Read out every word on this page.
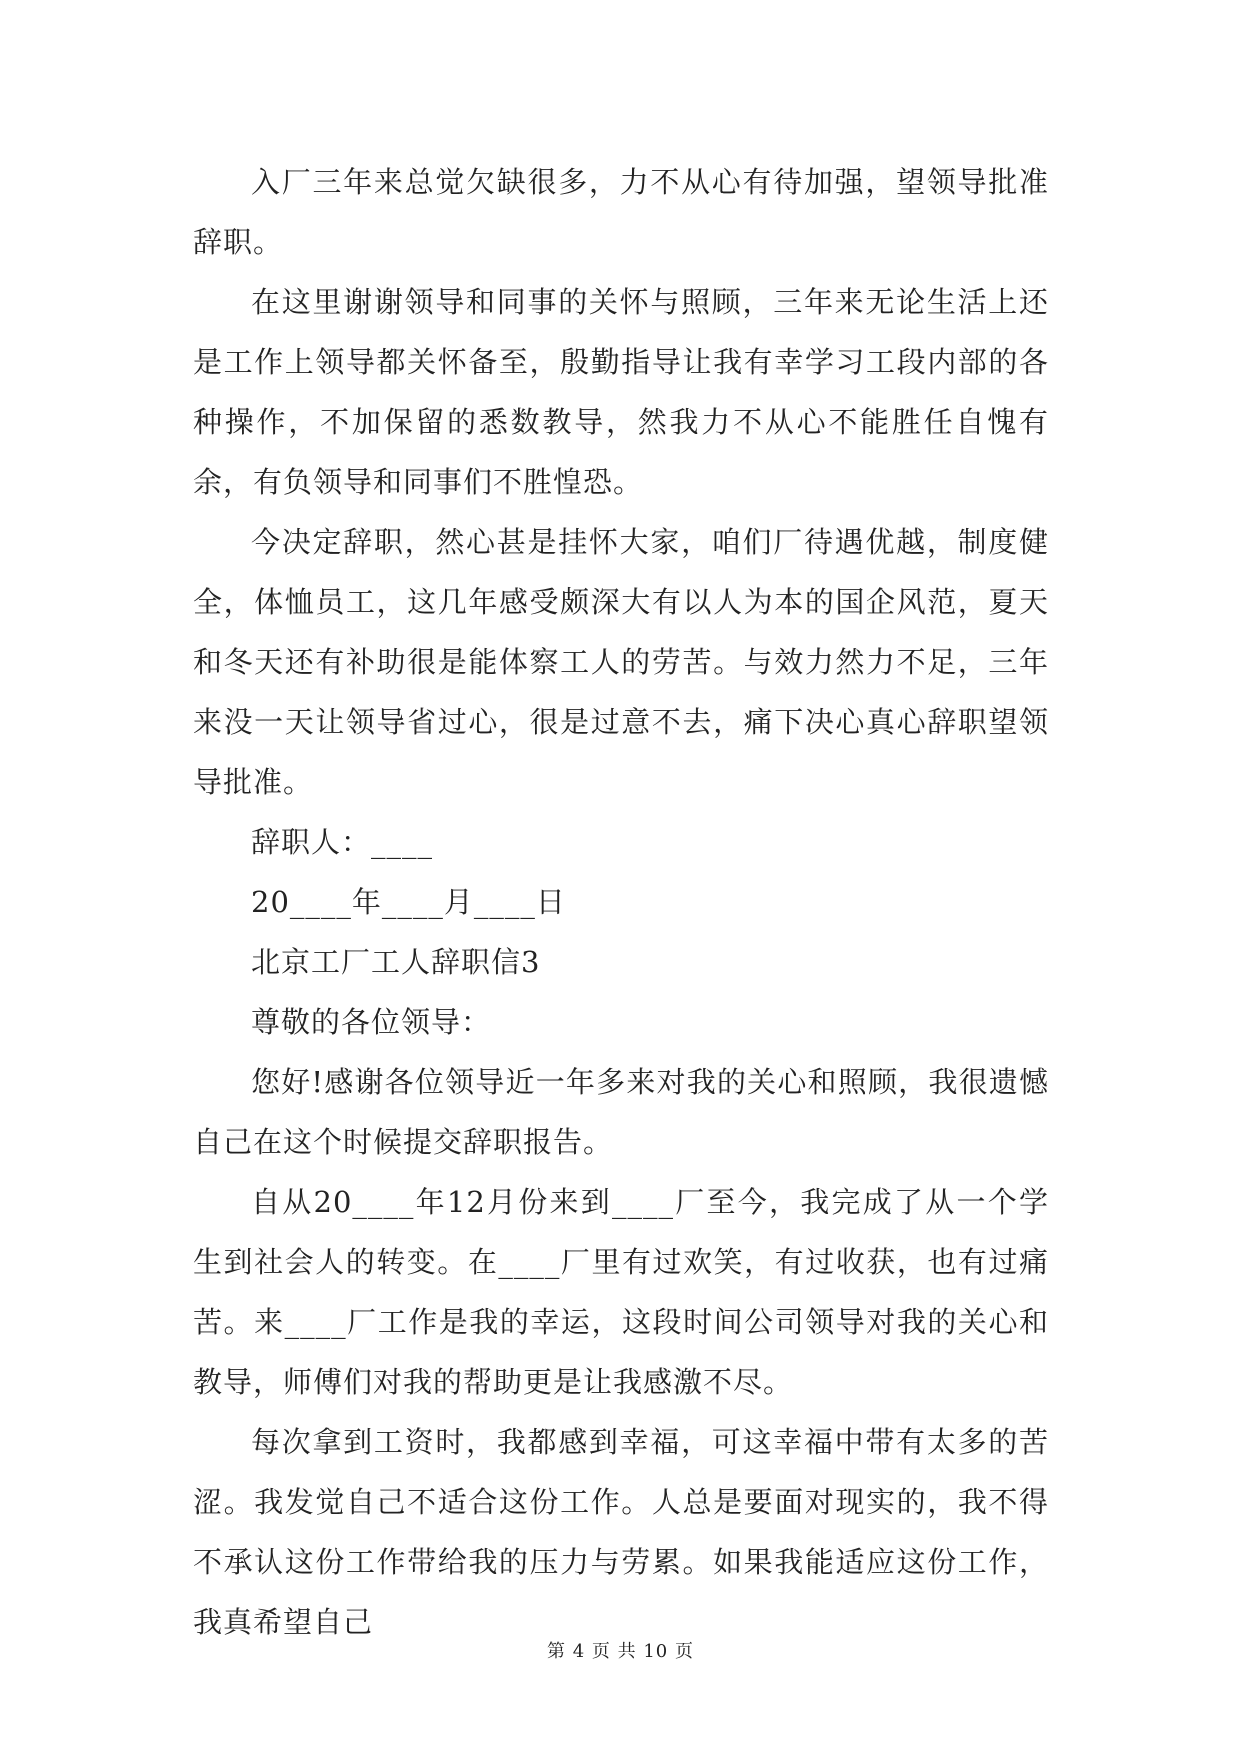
入厂三年来总觉欠缺很多，力不从心有待加强，望领导批准辞职。

在这里谢谢领导和同事的关怀与照顾，三年来无论生活上还是工作上领导都关怀备至，殷勤指导让我有幸学习工段内部的各种操作，不加保留的悉数教导，然我力不从心不能胜任自愧有余，有负领导和同事们不胜惶恐。

今决定辞职，然心甚是挂怀大家，咱们厂待遇优越，制度健全，体恤员工，这几年感受颇深大有以人为本的国企风范，夏天和冬天还有补助很是能体察工人的劳苦。与效力然力不足，三年来没一天让领导省过心，很是过意不去，痛下决心真心辞职望领导批准。

辞职人：____

20____年____月____日

北京工厂工人辞职信3

尊敬的各位领导：

您好!感谢各位领导近一年多来对我的关心和照顾，我很遗憾自己在这个时候提交辞职报告。

自从20____年12月份来到____厂至今，我完成了从一个学生到社会人的转变。在____厂里有过欢笑，有过收获，也有过痛苦。来____厂工作是我的幸运，这段时间公司领导对我的关心和教导，师傅们对我的帮助更是让我感激不尽。

每次拿到工资时，我都感到幸福，可这幸福中带有太多的苦涩。我发觉自己不适合这份工作。人总是要面对现实的，我不得不承认这份工作带给我的压力与劳累。如果我能适应这份工作，我真希望自己

第 4 页 共 10 页
